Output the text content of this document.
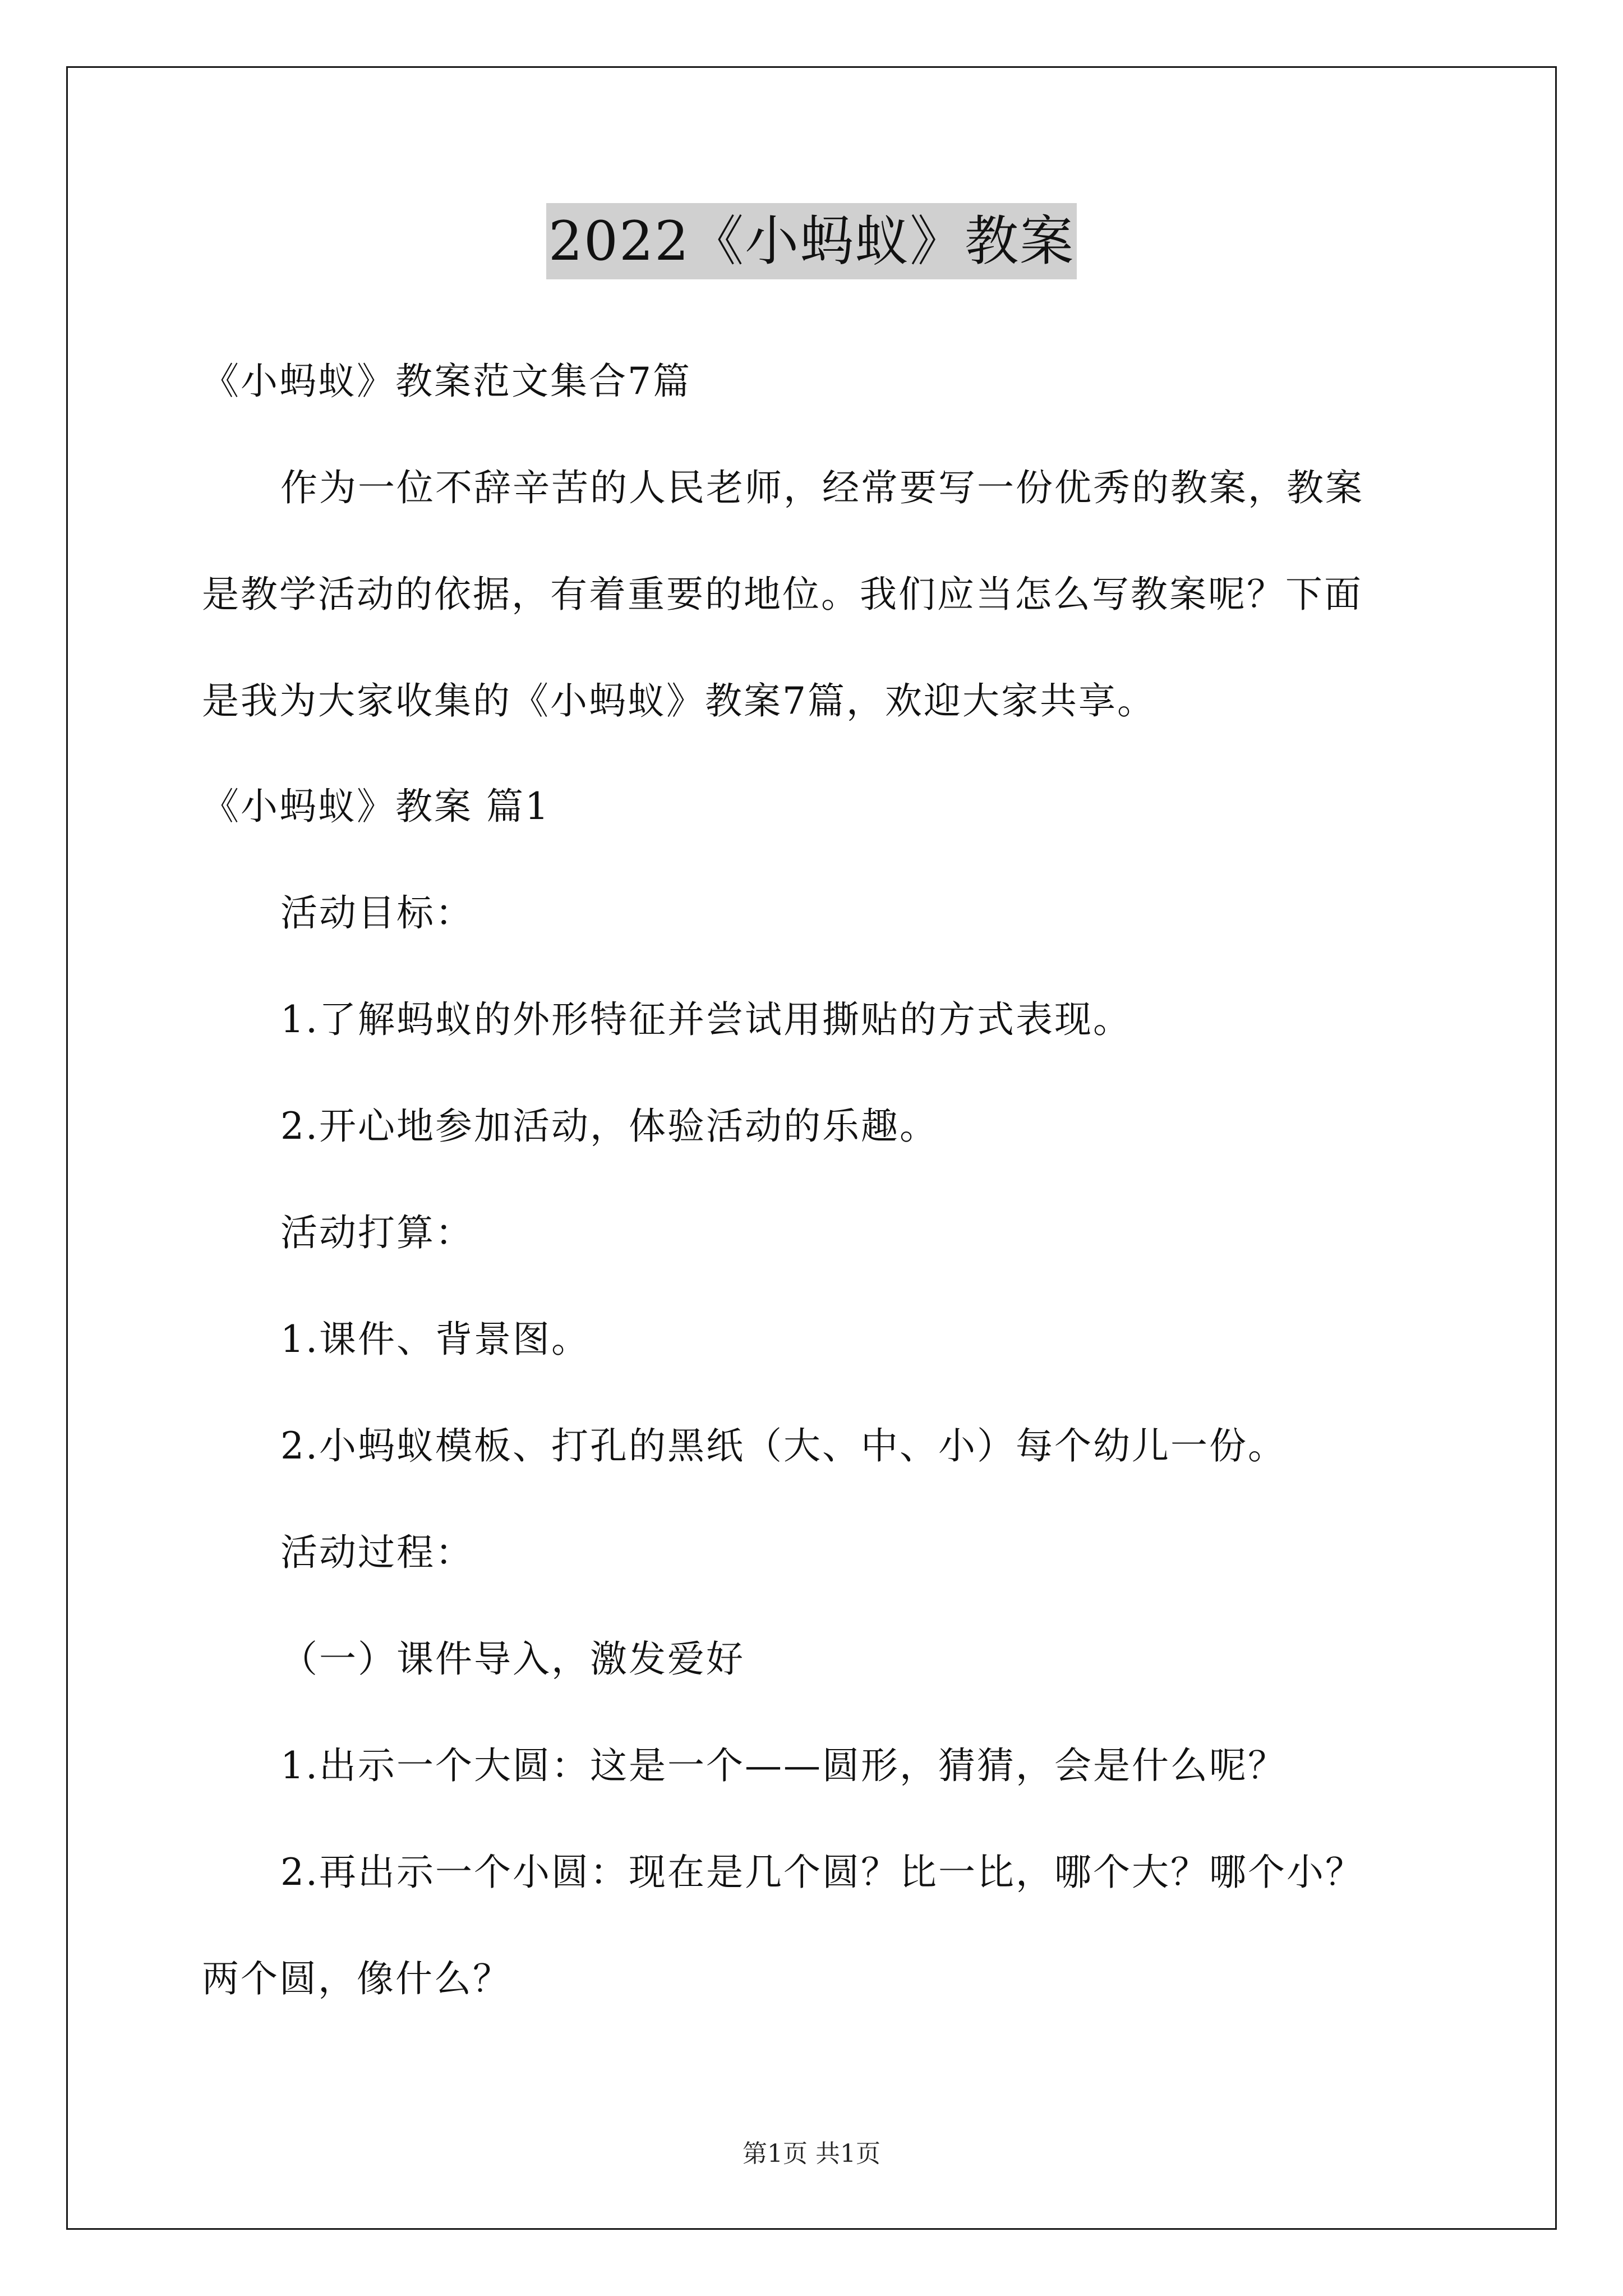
2022《小蚂蚁》教案
《小蚂蚁》教案范文集合7篇
作为一位不辞辛苦的人民老师，经常要写一份优秀的教案，教案
是教学活动的依据，有着重要的地位。我们应当怎么写教案呢？下面
是我为大家收集的《小蚂蚁》教案7篇，欢迎大家共享。
《小蚂蚁》教案 篇1
活动目标：
1.了解蚂蚁的外形特征并尝试用撕贴的方式表现。
2.开心地参加活动，体验活动的乐趣。
活动打算：
1.课件、背景图。
2.小蚂蚁模板、打孔的黑纸（大、中、小）每个幼儿一份。
活动过程：
（一）课件导入，激发爱好
1.出示一个大圆：这是一个——圆形，猜猜，会是什么呢？
2.再出示一个小圆：现在是几个圆？比一比，哪个大？哪个小？
两个圆，像什么？
第1页 共1页
